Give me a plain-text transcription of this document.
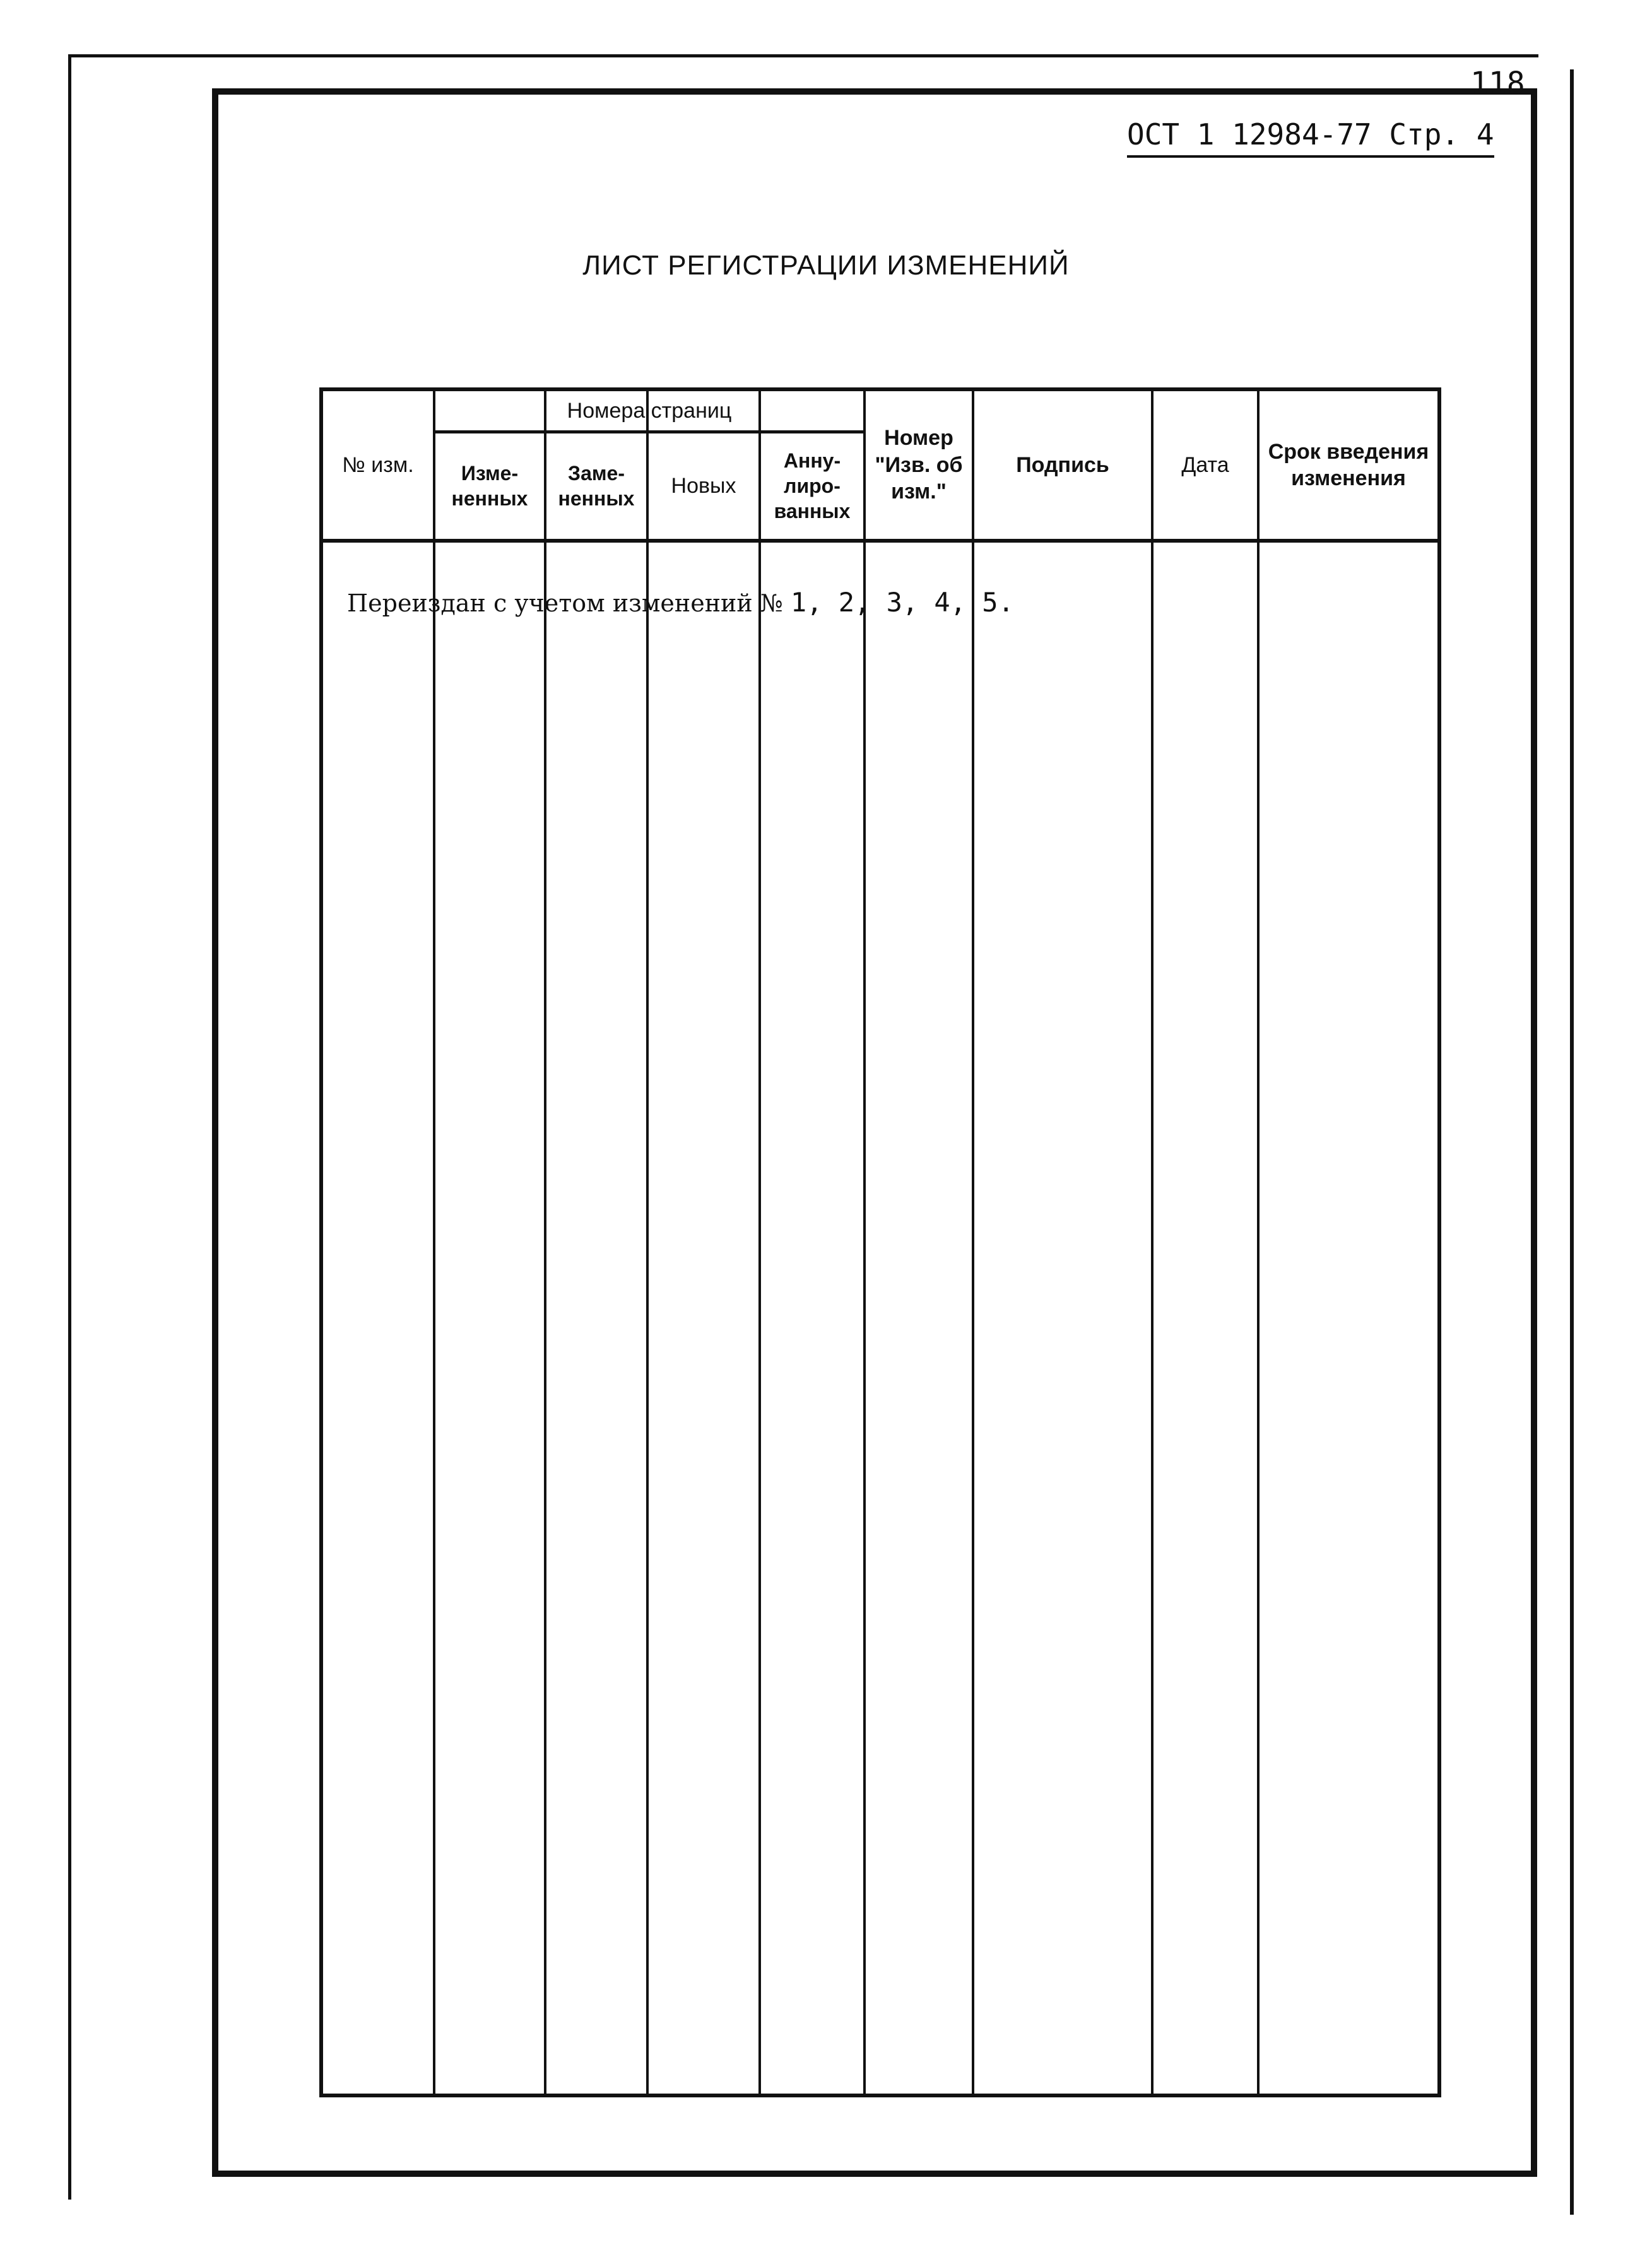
118
ОСТ 1 12984-77 Стр. 4
ЛИСТ РЕГИСТРАЦИИ ИЗМЕНЕНИЙ
№ изм.
Номера страниц
Изме- ненных
Заме- ненных
Новых
Анну- лиро- ванных
Номер "Изв. об изм."
Подпись	Дата
Срок введения изменения
Переиздан с учетом изменений № 1, 2, 3, 4, 5.
